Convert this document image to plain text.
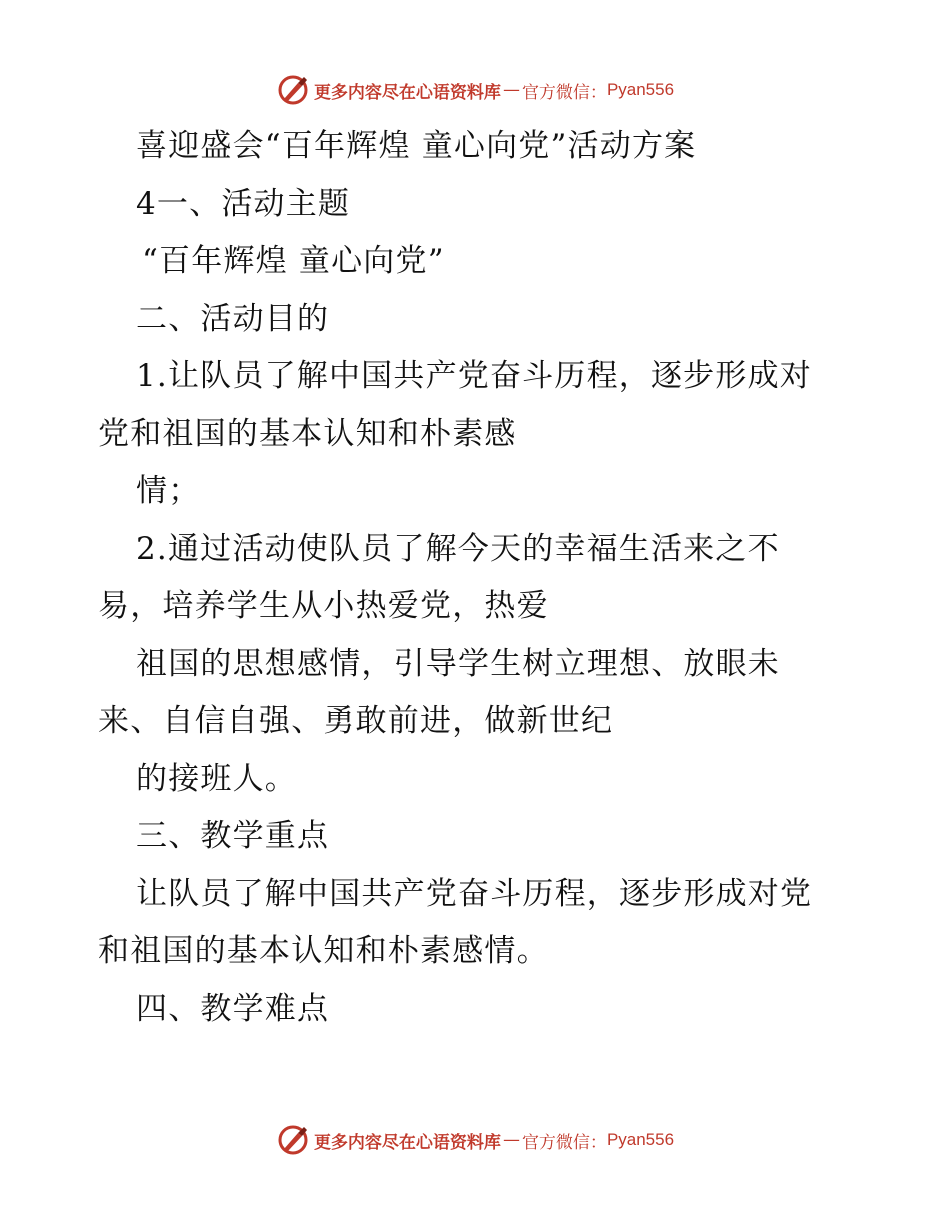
更多内容尽在心语资料库 — 官方微信： Pyan556
喜迎盛会“百年辉煌 童心向党”活动方案
4一、活动主题
“百年辉煌 童心向党”
二、活动目的
1.让队员了解中国共产党奋斗历程，逐步形成对
党和祖国的基本认知和朴素感
情；
2.通过活动使队员了解今天的幸福生活来之不
易，培养学生从小热爱党，热爱
祖国的思想感情，引导学生树立理想、放眼未
来、自信自强、勇敢前进，做新世纪
的接班人。
三、教学重点
让队员了解中国共产党奋斗历程，逐步形成对党
和祖国的基本认知和朴素感情。
四、教学难点
更多内容尽在心语资料库 — 官方微信： Pyan556
